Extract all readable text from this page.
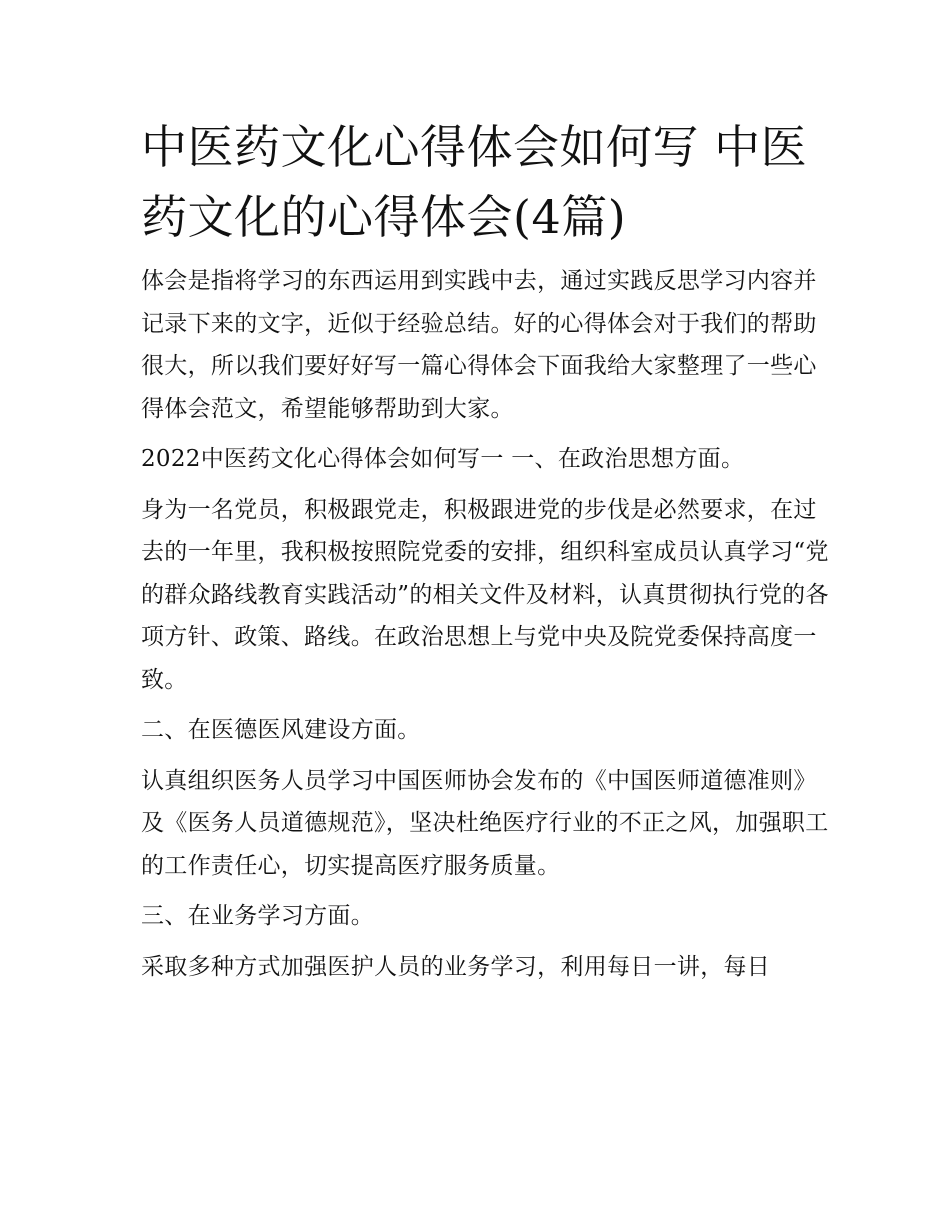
中医药文化心得体会如何写 中医药文化的心得体会(4篇)

体会是指将学习的东西运用到实践中去，通过实践反思学习内容并记录下来的文字，近似于经验总结。好的心得体会对于我们的帮助很大，所以我们要好好写一篇心得体会下面我给大家整理了一些心得体会范文，希望能够帮助到大家。

2022中医药文化心得体会如何写一 一、在政治思想方面。

身为一名党员，积极跟党走，积极跟进党的步伐是必然要求，在过去的一年里，我积极按照院党委的安排，组织科室成员认真学习“党的群众路线教育实践活动”的相关文件及材料，认真贯彻执行党的各项方针、政策、路线。在政治思想上与党中央及院党委保持高度一致。

二、在医德医风建设方面。

认真组织医务人员学习中国医师协会发布的《中国医师道德准则》及《医务人员道德规范》，坚决杜绝医疗行业的不正之风，加强职工的工作责任心，切实提高医疗服务质量。

三、在业务学习方面。

采取多种方式加强医护人员的业务学习，利用每日一讲，每日
